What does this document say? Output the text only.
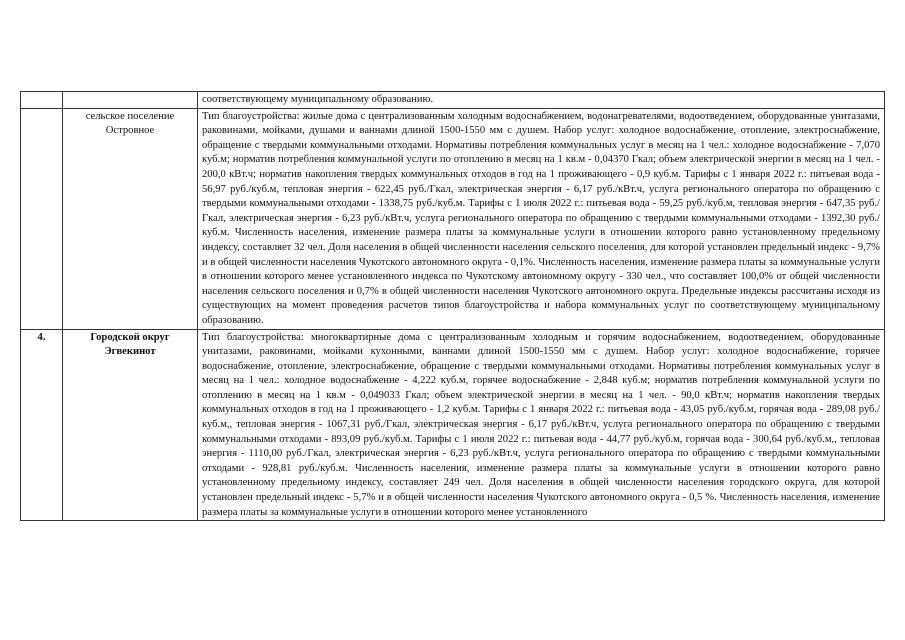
		соответствующему муниципальному образованию.
	сельское поселение Островное	Тип благоустройства: жилые дома с централизованным холодным водоснабжением, водонагревателями, водоотведением, оборудованные унитазами, раковинами, мойками, душами и ваннами длиной 1500-1550 мм с душем. Набор услуг: холодное водоснабжение, отопление, электроснабжение, обращение с твердыми коммунальными отходами. Нормативы потребления коммунальных услуг в месяц на 1 чел.: холодное водоснабжение - 7,070 куб.м; норматив потребления коммунальной услуги по отоплению в месяц на 1 кв.м - 0,04370 Гкал; объем электрической энергии в месяц на 1 чел. - 200,0 кВт.ч; норматив накопления твердых коммунальных отходов в год на 1 проживающего - 0,9 куб.м. Тарифы с 1 января 2022 г.: питьевая вода - 56,97 руб./куб.м, тепловая энергия - 622,45 руб./Гкал, электрическая энергия - 6,17 руб./кВт.ч, услуга регионального оператора по обращению с твердыми коммунальными отходами - 1338,75 руб./куб.м. Тарифы с 1 июля 2022 г.: питьевая вода - 59,25 руб./куб.м, тепловая энергия - 647,35 руб./Гкал, электрическая энергия - 6,23 руб./кВт.ч, услуга регионального оператора по обращению с твердыми коммунальными отходами - 1392,30 руб./куб.м. Численность населения, изменение размера платы за коммунальные услуги в отношении которого равно установленному предельному индексу, составляет 32 чел. Доля населения в общей численности населения сельского поселения, для которой установлен предельный индекс - 9,7% и в общей численности населения Чукотского автономного округа - 0,1%. Численность населения, изменение размера платы за коммунальные услуги в отношении которого менее установленного индекса по Чукотскому автономному округу - 330 чел., что составляет 100,0% от общей численности населения сельского поселения и 0,7% в общей численности населения Чукотского автономного округа. Предельные индексы рассчитаны исходя из существующих на момент проведения расчетов типов благоустройства и набора коммунальных услуг по соответствующему муниципальному образованию.
4.	Городской округ Эгвекинот	Тип благоустройства: многоквартирные дома с централизованным холодным и горячим водоснабжением, водоотведением, оборудованные унитазами, раковинами, мойками кухонными, ваннами длиной 1500-1550 мм с душем. Набор услуг: холодное водоснабжение, горячее водоснабжение, отопление, электроснабжение, обращение с твердыми коммунальными отходами. Нормативы потребления коммунальных услуг в месяц на 1 чел.: холодное водоснабжение - 4,222 куб.м, горячее водоснабжение - 2,848 куб.м; норматив потребления коммунальной услуги по отоплению в месяц на 1 кв.м - 0,049033 Гкал; объем электрической энергии в месяц на 1 чел. - 90,0 кВт.ч; норматив накопления твердых коммунальных отходов в год на 1 проживающего - 1,2 куб.м. Тарифы с 1 января 2022 г.: питьевая вода - 43,05 руб./куб.м, горячая вода - 289,08 руб./куб.м,, тепловая энергия - 1067,31 руб./Гкал, электрическая энергия - 6,17 руб./кВт.ч, услуга регионального оператора по обращению с твердыми коммунальными отходами - 893,09 руб./куб.м. Тарифы с 1 июля 2022 г.: питьевая вода - 44,77 руб./куб.м, горячая вода - 300,64 руб./куб.м,, тепловая энергия - 1110,00 руб./Гкал, электрическая энергия - 6,23 руб./кВт.ч, услуга регионального оператора по обращению с твердыми коммунальными отходами - 928,81 руб./куб.м. Численность населения, изменение размера платы за коммунальные услуги в отношении которого равно установленному предельному индексу, составляет 249 чел. Доля населения в общей численности населения городского округа, для которой установлен предельный индекс - 5,7% и в общей численности населения Чукотского автономного округа - 0,5 %. Численность населения, изменение размера платы за коммунальные услуги в отношении которого менее установленного
